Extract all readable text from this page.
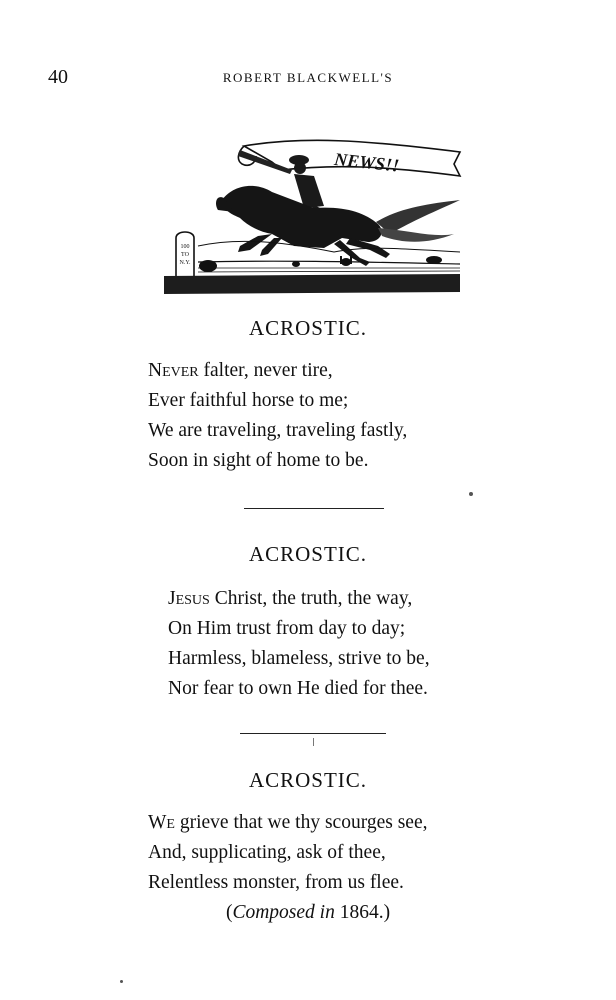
40	ROBERT BLACKWELL'S
NEWS!!
100
TO
N.Y.
ACROSTIC.
Never falter, never tire,
Ever faithful horse to me;
We are traveling, traveling fastly,
Soon in sight of home to be.
ACROSTIC.
Jesus Christ, the truth, the way,
On Him trust from day to day;
Harmless, blameless, strive to be,
Nor fear to own He died for thee.
ACROSTIC.
We grieve that we thy scourges see,
And, supplicating, ask of thee,
Relentless monster, from us flee.
(Composed in 1864.)
